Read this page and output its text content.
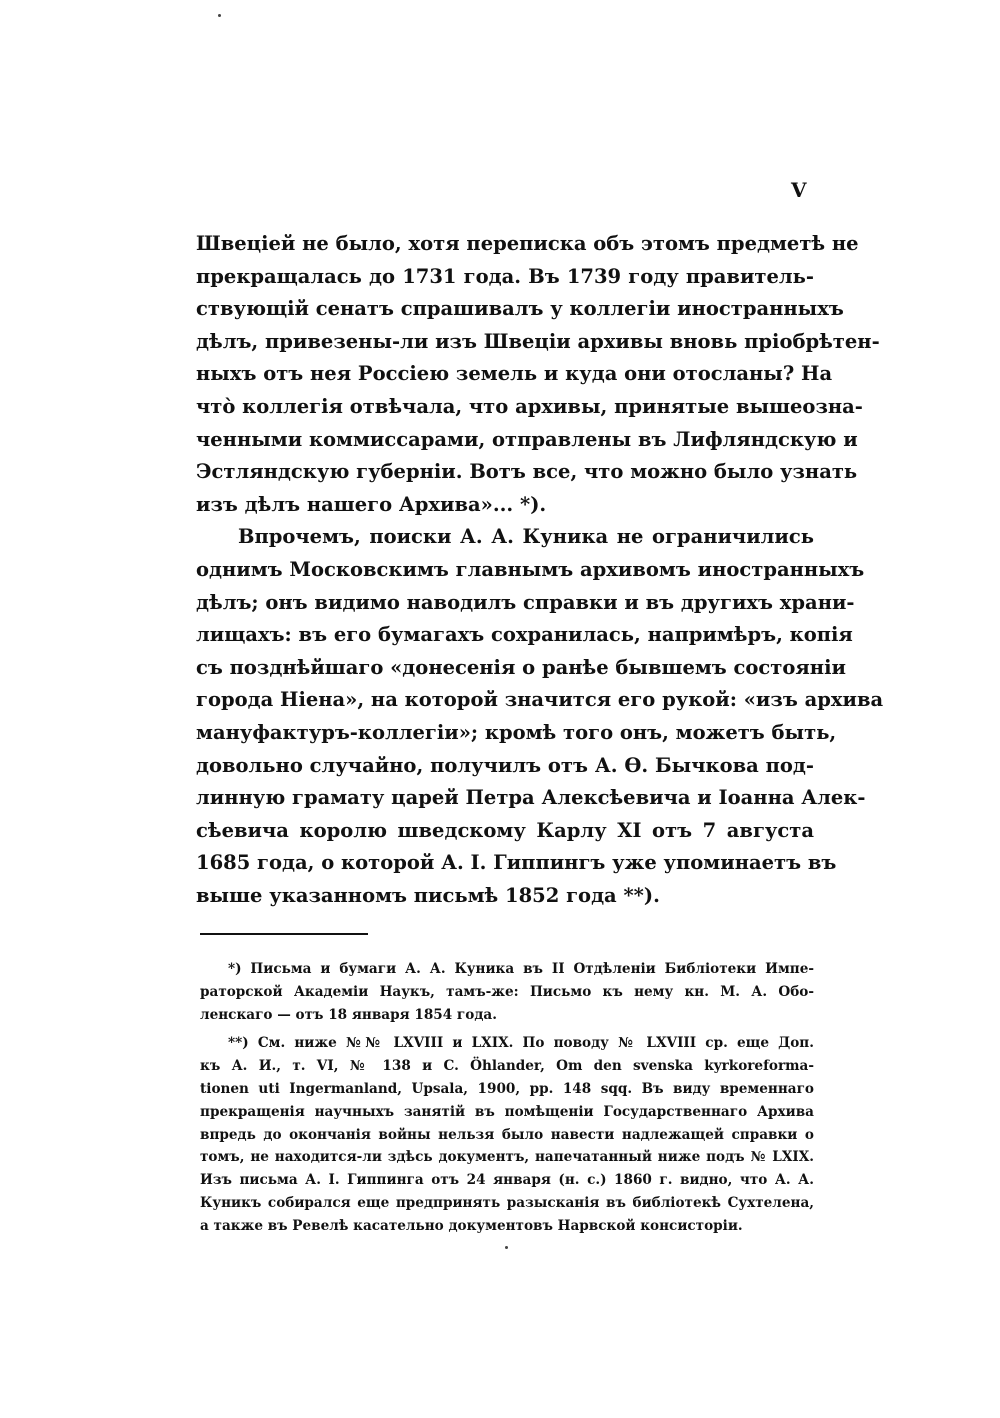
V
Швеціей не было, хотя переписка объ этомъ предметѣ не
прекращалась до 1731 года. Въ 1739 году правитель-
ствующій сенатъ спрашивалъ у коллегіи иностранныхъ
дѣлъ, привезены-ли изъ Швеціи архивы вновь пріобрѣтен-
ныхъ отъ нея Россіею земель и куда они отосланы? На
что̀ коллегія отвѣчала, что архивы, принятые вышеозна-
ченными коммиссарами, отправлены въ Лифляндскую и
Эстляндскую губерніи. Вотъ все, что можно было узнать
изъ дѣлъ нашего Архива»... *).
Впрочемъ, поиски А. А. Куника не ограничились
однимъ Московскимъ главнымъ архивомъ иностранныхъ
дѣлъ; онъ видимо наводилъ справки и въ другихъ храни-
лищахъ: въ его бумагахъ сохранилась, напримѣръ, копія
съ позднѣйшаго «донесенія о ранѣе бывшемъ состояніи
города Ніена», на которой значится его рукой: «изъ архива
мануфактуръ-коллегіи»; кромѣ того онъ, можетъ быть,
довольно случайно, получилъ отъ А. Ѳ. Бычкова под-
линную грамату царей Петра Алексѣевича и Іоанна Алек-
сѣевича королю шведскому Карлу XI отъ 7 августа
1685 года, о которой А. І. Гиппингъ уже упоминаетъ въ
выше указанномъ письмѣ 1852 года **).
*) Письма и бумаги А. А. Куника въ II Отдѣленіи Библіотеки Импе-
раторской Академіи Наукъ, тамъ-же: Письмо къ нему кн. М. А. Обо-
ленскаго — отъ 18 января 1854 года.
**) См. ниже №№ LXVIII и LXIX. По поводу № LXVIII ср. еще Доп.
къ А. И., т. VI, № 138 и C. Öhlander, Om den svenska kyrkoreforma-
tionen uti Ingermanland, Upsala, 1900, pp. 148 sqq. Въ виду временнаго
прекращенія научныхъ занятій въ помѣщеніи Государственнаго Архива
впредь до окончанія войны нельзя было навести надлежащей справки о
томъ, не находится-ли здѣсь документъ, напечатанный ниже подъ № LXIX.
Изъ письма А. І. Гиппинга отъ 24 января (н. с.) 1860 г. видно, что А. А.
Куникъ собирался еще предпринять разысканія въ библіотекѣ Сухтелена,
а также въ Ревелѣ касательно документовъ Нарвской консисторіи.
